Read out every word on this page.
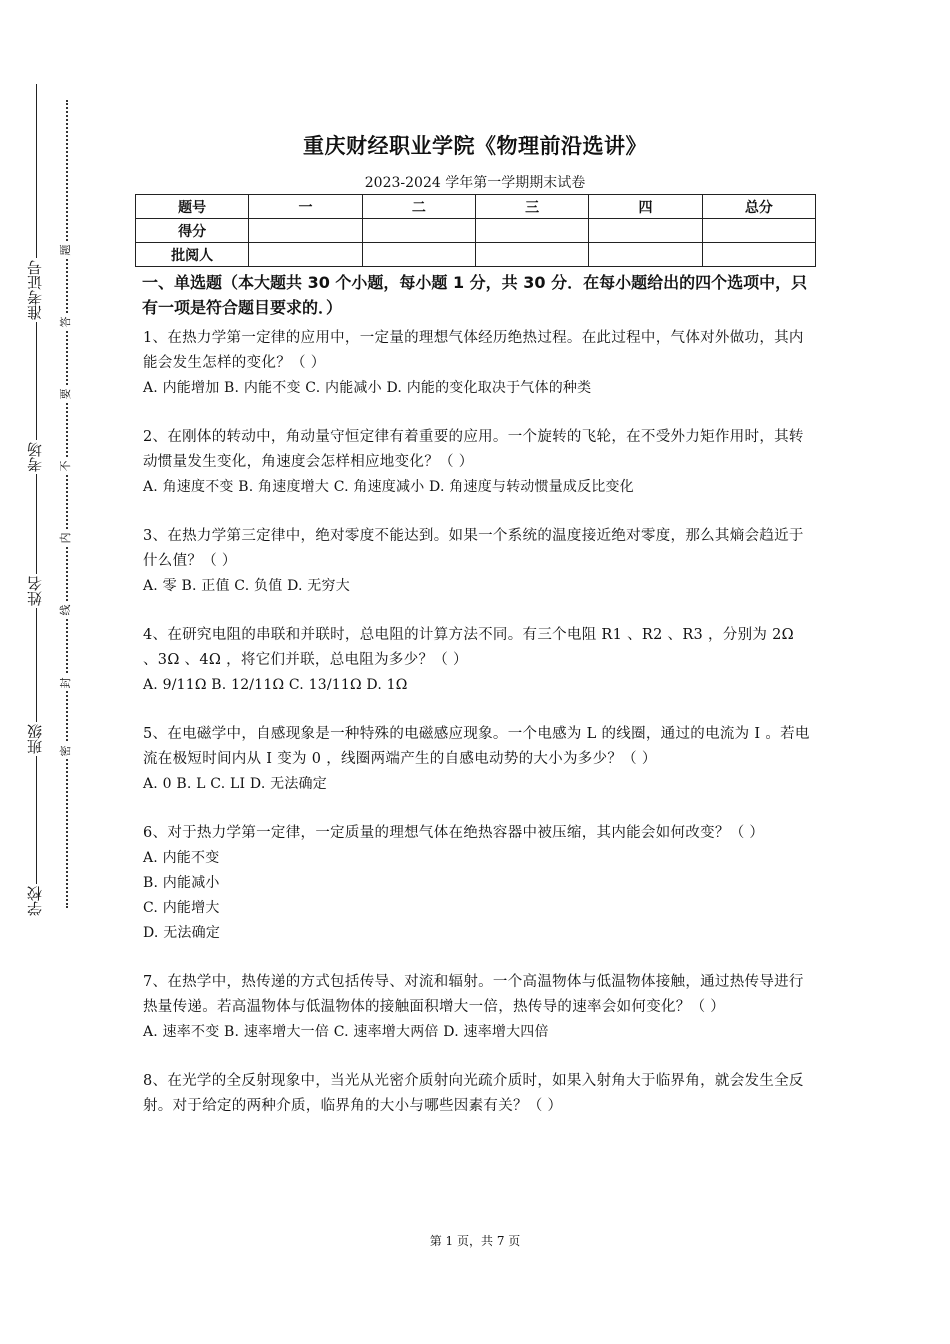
学校
班级
姓名
考场
准考证号
密
封
线
内
不
要
答
题
重庆财经职业学院《物理前沿选讲》
2023-2024 学年第一学期期末试卷
题号	一	二	三	四	总分
得分					
批阅人					
一、单选题（本大题共 30 个小题，每小题 1 分，共 30 分．在每小题给出的四个选项中，只有一项是符合题目要求的．）
1、在热力学第一定律的应用中，一定量的理想气体经历绝热过程。在此过程中，气体对外做功，其内能会发生怎样的变化？（ ）
A. 内能增加 B. 内能不变 C. 内能减小 D. 内能的变化取决于气体的种类
2、在刚体的转动中，角动量守恒定律有着重要的应用。一个旋转的飞轮，在不受外力矩作用时，其转动惯量发生变化，角速度会怎样相应地变化？（ ）
A. 角速度不变 B. 角速度增大 C. 角速度减小 D. 角速度与转动惯量成反比变化
3、在热力学第三定律中，绝对零度不能达到。如果一个系统的温度接近绝对零度，那么其熵会趋近于什么值？（ ）
A. 零 B. 正值 C. 负值 D. 无穷大
4、在研究电阻的串联和并联时，总电阻的计算方法不同。有三个电阻 R1 、R2 、R3 ，分别为 2Ω 、3Ω 、4Ω ，将它们并联，总电阻为多少？（ ）
A. 9/11Ω B. 12/11Ω C. 13/11Ω D. 1Ω
5、在电磁学中，自感现象是一种特殊的电磁感应现象。一个电感为 L 的线圈，通过的电流为 I 。若电流在极短时间内从 I 变为 0 ，线圈两端产生的自感电动势的大小为多少？（ ）
A. 0 B. L C. LI D. 无法确定
6、对于热力学第一定律，一定质量的理想气体在绝热容器中被压缩，其内能会如何改变？（ ）
A. 内能不变
B. 内能减小
C. 内能增大
D. 无法确定
7、在热学中，热传递的方式包括传导、对流和辐射。一个高温物体与低温物体接触，通过热传导进行热量传递。若高温物体与低温物体的接触面积增大一倍，热传导的速率会如何变化？（ ）
A. 速率不变 B. 速率增大一倍 C. 速率增大两倍 D. 速率增大四倍
8、在光学的全反射现象中，当光从光密介质射向光疏介质时，如果入射角大于临界角，就会发生全反射。对于给定的两种介质，临界角的大小与哪些因素有关？（ ）
第 1 页，共 7 页
